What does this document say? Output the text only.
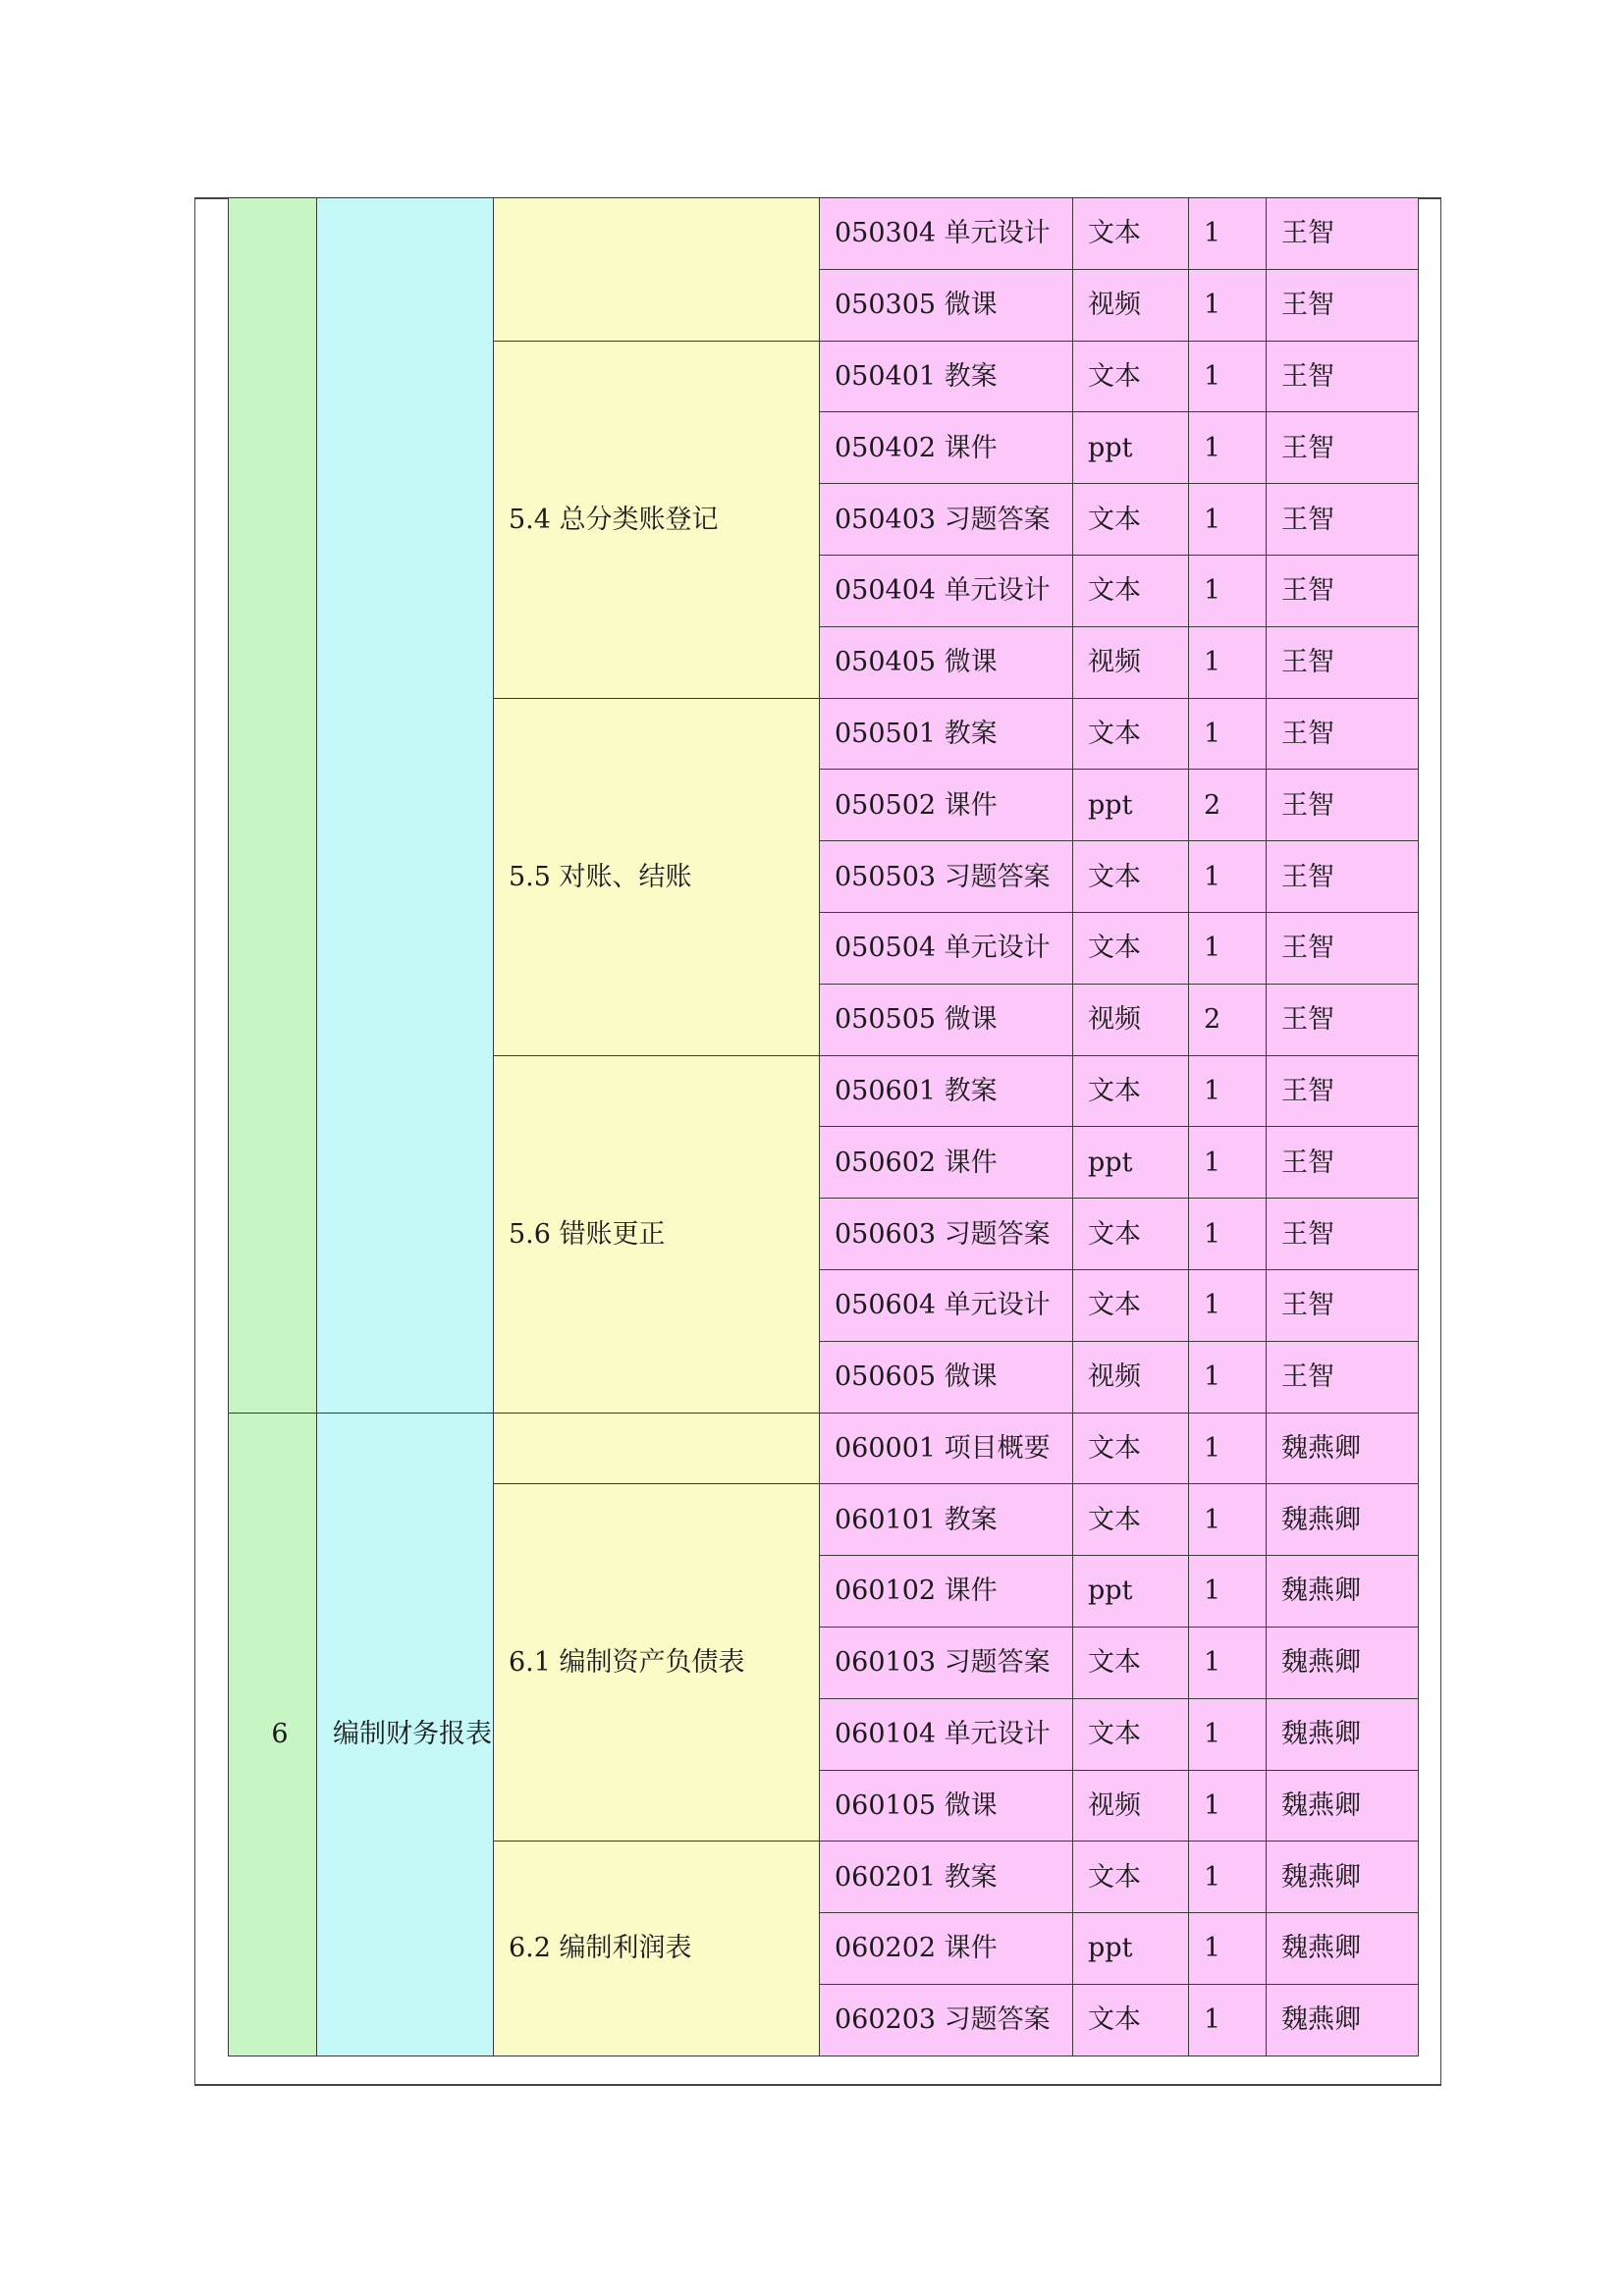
			050304 单元设计	文本	1	王智
			050305 微课	视频	1	王智
		5.4 总分类账登记	050401 教案	文本	1	王智
			050402 课件	ppt	1	王智
			050403 习题答案	文本	1	王智
			050404 单元设计	文本	1	王智
			050405 微课	视频	1	王智
		5.5 对账、结账	050501 教案	文本	1	王智
			050502 课件	ppt	2	王智
			050503 习题答案	文本	1	王智
			050504 单元设计	文本	1	王智
			050505 微课	视频	2	王智
		5.6 错账更正	050601 教案	文本	1	王智
			050602 课件	ppt	1	王智
			050603 习题答案	文本	1	王智
			050604 单元设计	文本	1	王智
			050605 微课	视频	1	王智
6	编制财务报表		060001 项目概要	文本	1	魏燕卿
		6.1 编制资产负债表	060101 教案	文本	1	魏燕卿
			060102 课件	ppt	1	魏燕卿
			060103 习题答案	文本	1	魏燕卿
			060104 单元设计	文本	1	魏燕卿
			060105 微课	视频	1	魏燕卿
		6.2 编制利润表	060201 教案	文本	1	魏燕卿
			060202 课件	ppt	1	魏燕卿
			060203 习题答案	文本	1	魏燕卿
